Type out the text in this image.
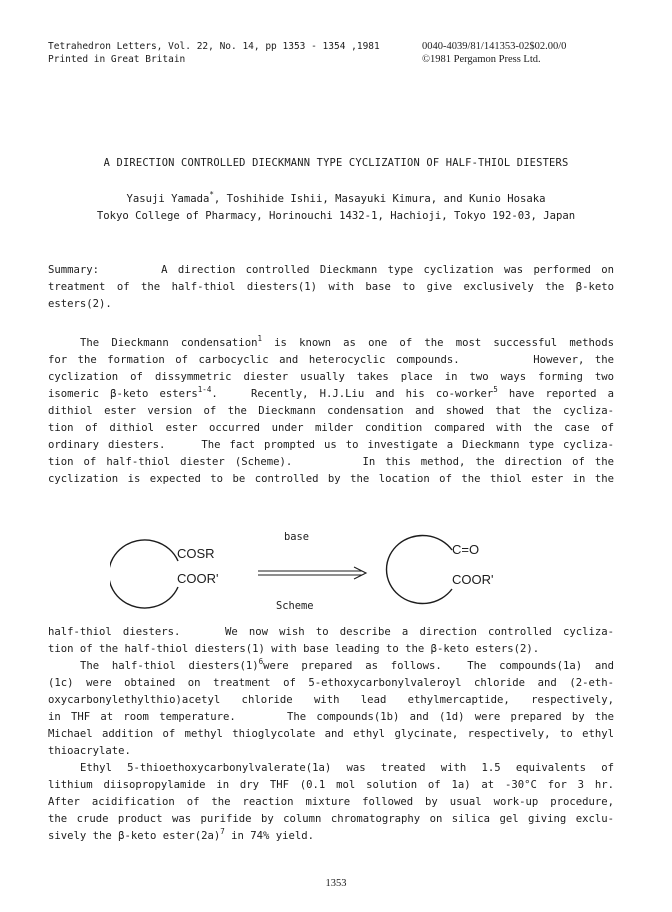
Tetrahedron Letters, Vol. 22, No. 14, pp 1353 - 1354 ,1981
Printed in Great Britain
0040-4039/81/141353-02$02.00/0
©1981 Pergamon Press Ltd.
A DIRECTION CONTROLLED DIECKMANN TYPE CYCLIZATION OF HALF-THIOL DIESTERS
Yasuji Yamada*, Toshihide Ishii, Masayuki Kimura, and Kunio Hosaka
Tokyo College of Pharmacy, Horinouchi 1432-1, Hachioji, Tokyo 192-03, Japan
Summary:      A direction controlled Dieckmann type cyclization was performed on
treatment of the half-thiol diesters(1) with base to give exclusively the β-keto
esters(2).
The Dieckmann condensation$^1$ is known as one of the most successful methods
for the formation of carbocyclic and heterocyclic compounds.       However, the
cyclization of dissymmetric diester usually takes place in two ways forming two
isomeric β-keto esters$^{1-4}$.   Recently, H.J.Liu and his co-worker$^5$ have reported a
dithiol ester version of the Dieckmann condensation and showed that the cycliza-
tion of dithiol ester occurred under milder condition compared with the case of
ordinary diesters.    The fact prompted us to investigate a Dieckmann type cycliza-
tion of half-thiol diester (Scheme).       In this method, the direction of the
cyclization is expected to be controlled by the location of the thiol ester in the
COSR
COOR'
base
C=O
COOR'
Scheme
half-thiol diesters.    We now wish to describe a direction controlled cycliza-
tion of the half-thiol diesters(1) with base leading to the β-keto esters(2).
The half-thiol $diesters(1)^6were$ prepared as follows.  The compounds(1a) and
(1c) were obtained on treatment of 5-ethoxycarbonylvaleroyl chloride and (2-eth-
oxycarbonylethylthio)acetyl chloride with lead ethylmercaptide, respectively,
in THF at room temperature.     The compounds(1b) and (1d) were prepared by the
Michael addition of methyl thioglycolate and ethyl glycinate, respectively, to ethyl
thioacrylate.
Ethyl 5-thioethoxycarbonylvalerate(1a) was treated with 1.5 equivalents of
lithium diisopropylamide in dry THF (0.1 mol solution of 1a) at -30°C for 3 hr.
After acidification of the reaction mixture followed by usual work-up procedure,
the crude product was purifide by column chromatography on silica gel giving exclu-
sively the β-keto $ester(2a)^7$ in 74% yield.
1353
